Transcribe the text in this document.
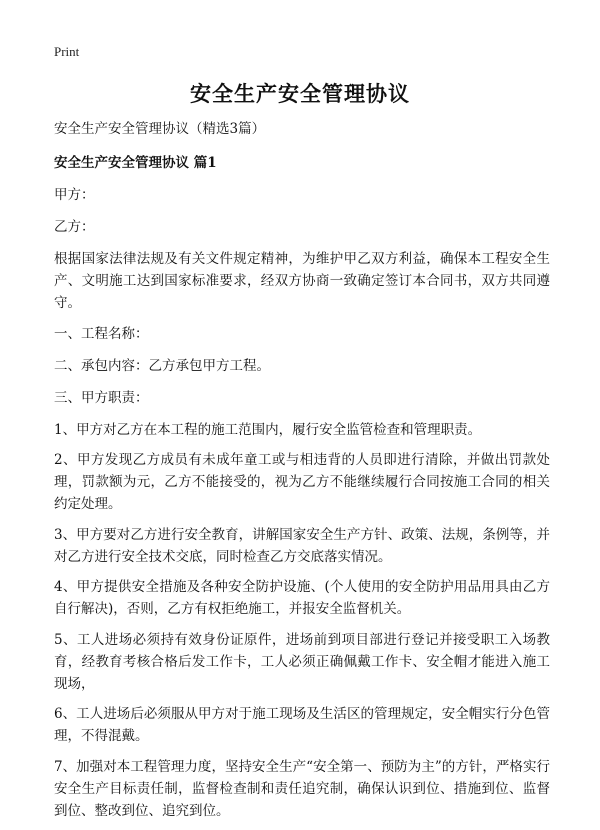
Print
安全生产安全管理协议
安全生产安全管理协议（精选3篇）
安全生产安全管理协议 篇1
甲方：
乙方：
根据国家法律法规及有关文件规定精神，为维护甲乙双方利益，确保本工程安全生产、文明施工达到国家标准要求，经双方协商一致确定签订本合同书，双方共同遵守。
一、工程名称：
二、承包内容：乙方承包甲方工程。
三、甲方职责：
1、甲方对乙方在本工程的施工范围内，履行安全监管检查和管理职责。
2、甲方发现乙方成员有未成年童工或与相违背的人员即进行清除，并做出罚款处理，罚款额为元，乙方不能接受的，视为乙方不能继续履行合同按施工合同的相关约定处理。
3、甲方要对乙方进行安全教育，讲解国家安全生产方针、政策、法规，条例等，并对乙方进行安全技术交底，同时检查乙方交底落实情况。
4、甲方提供安全措施及各种安全防护设施、(个人使用的安全防护用品用具由乙方自行解决)，否则，乙方有权拒绝施工，并报安全监督机关。
5、工人进场必须持有效身份证原件，进场前到项目部进行登记并接受职工入场教育，经教育考核合格后发工作卡，工人必须正确佩戴工作卡、安全帽才能进入施工现场，
6、工人进场后必须服从甲方对于施工现场及生活区的管理规定，安全帽实行分色管理，不得混戴。
7、加强对本工程管理力度，坚持安全生产“安全第一、预防为主”的方针，严格实行安全生产目标责任制，监督检查制和责任追究制，确保认识到位、措施到位、监督到位、整改到位、追究到位。
